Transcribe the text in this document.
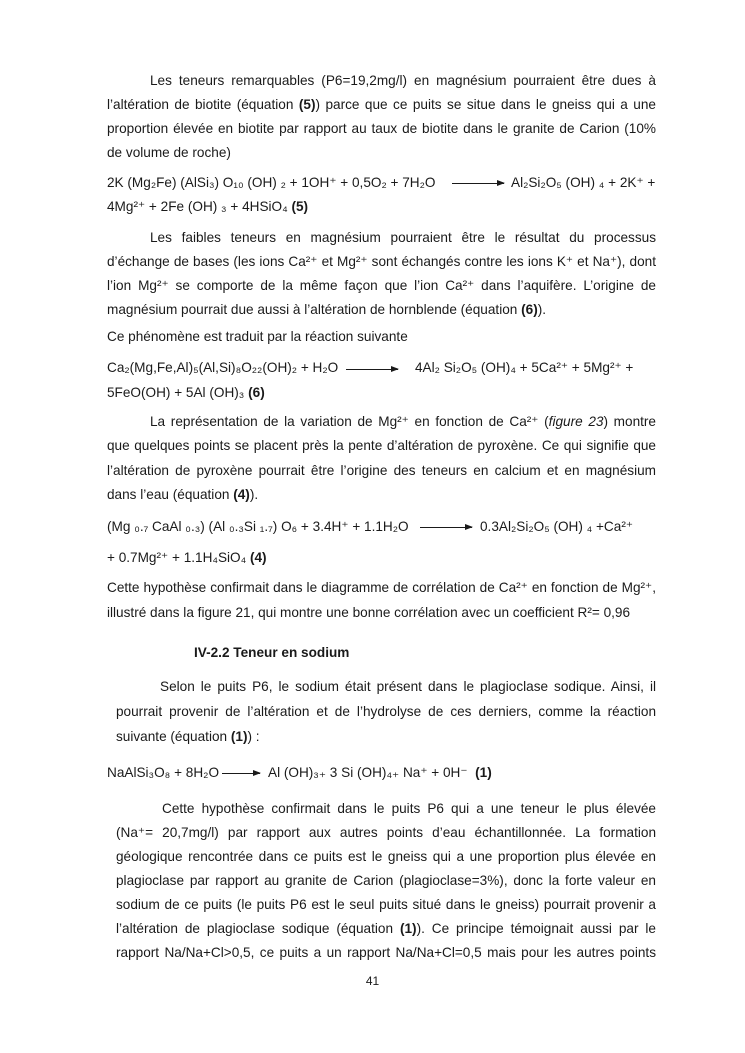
Les teneurs remarquables (P6=19,2mg/l) en magnésium pourraient être dues à
l’altération de biotite (équation (5)) parce que ce puits se situe dans le gneiss qui a une
proportion élevée en biotite par rapport au taux de biotite dans le granite de Carion (10%
de volume de roche)
2K (Mg₂Fe) (AlSi₃) O₁₀ (OH) ₂ + 1OH⁺ + 0,5O₂ + 7H₂O → Al₂Si₂O₅ (OH) ₄ + 2K⁺ +
4Mg²⁺ + 2Fe (OH) ₃ + 4HSiO₄ (5)
Les faibles teneurs en magnésium pourraient être le résultat du processus
d’échange de bases (les ions Ca²⁺ et Mg²⁺ sont échangés contre les ions K⁺ et Na⁺), dont
l’ion Mg²⁺ se comporte de la même façon que l’ion Ca²⁺ dans l’aquifère. L’origine de
magnésium pourrait due aussi à l’altération de hornblende (équation (6)).
Ce phénomène est traduit par la réaction suivante
Ca₂(Mg,Fe,Al)₅(Al,Si)₈O₂₂(OH)₂ + H₂O → 4Al₂ Si₂O₅ (OH)₄ + 5Ca²⁺ + 5Mg²⁺ +
5FeO(OH) + 5Al (OH)₃ (6)
La représentation de la variation de Mg²⁺ en fonction de Ca²⁺ (figure 23) montre
que quelques points se placent près la pente d’altération de pyroxène. Ce qui signifie que
l’altération de pyroxène pourrait être l’origine des teneurs en calcium et en magnésium
dans l’eau (équation (4)).
(Mg ₀.₇ CaAl ₀.₃) (Al ₀.₃Si ₁.₇) O₆ + 3.4H⁺ + 1.1H₂O → 0.3Al₂Si₂O₅ (OH) ₄ +Ca²⁺
+ 0.7Mg²⁺ + 1.1H₄SiO₄ (4)
Cette hypothèse confirmait dans le diagramme de corrélation de Ca²⁺ en fonction de Mg²⁺,
illustré dans la figure 21, qui montre une bonne corrélation avec un coefficient R²= 0,96
IV-2.2 Teneur en sodium
Selon le puits P6, le sodium était présent dans le plagioclase sodique. Ainsi, il
pourrait provenir de l’altération et de l’hydrolyse de ces derniers, comme la réaction
suivante (équation (1)) :
NaAlSi₃O₈ + 8H₂O → Al (OH)₃₊ 3 Si (OH)₄₊ Na⁺ + 0H⁻ (1)
Cette hypothèse confirmait dans le puits P6 qui a une teneur le plus élevée
(Na⁺= 20,7mg/l) par rapport aux autres points d’eau échantillonnée. La formation
géologique rencontrée dans ce puits est le gneiss qui a une proportion plus élevée en
plagioclase par rapport au granite de Carion (plagioclase=3%), donc la forte valeur en
sodium de ce puits (le puits P6 est le seul puits situé dans le gneiss) pourrait provenir a
l’altération de plagioclase sodique (équation (1)). Ce principe témoignait aussi par le
rapport Na/Na+Cl>0,5, ce puits a un rapport Na/Na+Cl=0,5 mais pour les autres points
41
